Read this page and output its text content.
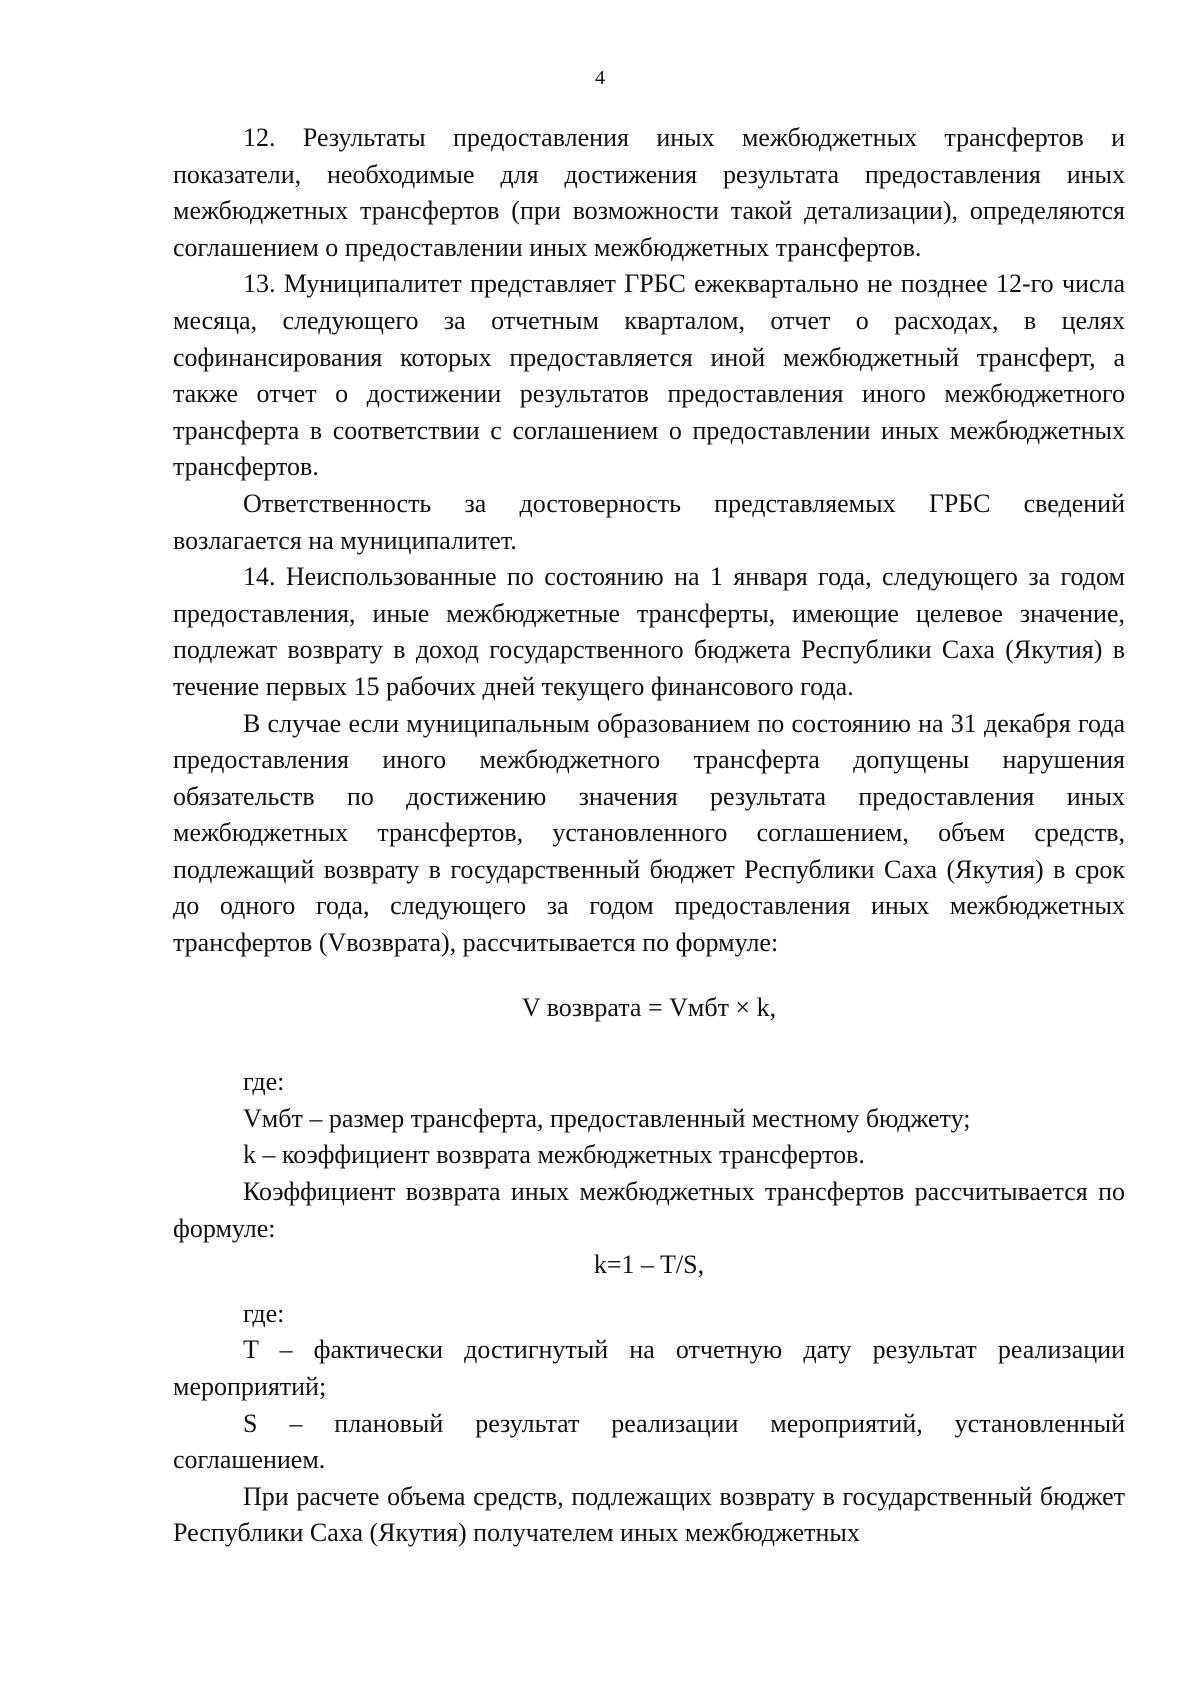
4

12. Результаты предоставления иных межбюджетных трансфертов и показатели, необходимые для достижения результата предоставления иных межбюджетных трансфертов (при возможности такой детализации), определяются соглашением о предоставлении иных межбюджетных трансфертов.

13. Муниципалитет представляет ГРБС ежеквартально не позднее 12-го числа месяца, следующего за отчетным кварталом, отчет о расходах, в целях софинансирования которых предоставляется иной межбюджетный трансферт, а также отчет о достижении результатов предоставления иного межбюджетного трансферта в соответствии с соглашением о предоставлении иных межбюджетных трансфертов.

Ответственность за достоверность представляемых ГРБС сведений возлагается на муниципалитет.

14. Неиспользованные по состоянию на 1 января года, следующего за годом предоставления, иные межбюджетные трансферты, имеющие целевое значение, подлежат возврату в доход государственного бюджета Республики Саха (Якутия) в течение первых 15 рабочих дней текущего финансового года.

В случае если муниципальным образованием по состоянию на 31 декабря года предоставления иного межбюджетного трансферта допущены нарушения обязательств по достижению значения результата предоставления иных межбюджетных трансфертов, установленного соглашением, объем средств, подлежащий возврату в государственный бюджет Республики Саха (Якутия) в срок до одного года, следующего за годом предоставления иных межбюджетных трансфертов (Vвозврата), рассчитывается по формуле:

V возврата = Vмбт × k,

где:

Vмбт – размер трансферта, предоставленный местному бюджету;

k – коэффициент возврата межбюджетных трансфертов.

Коэффициент возврата иных межбюджетных трансфертов рассчитывается по формуле:

k=1 – T/S,

где:

T – фактически достигнутый на отчетную дату результат реализации мероприятий;

S – плановый результат реализации мероприятий, установленный соглашением.

При расчете объема средств, подлежащих возврату в государственный бюджет Республики Саха (Якутия) получателем иных межбюджетных
